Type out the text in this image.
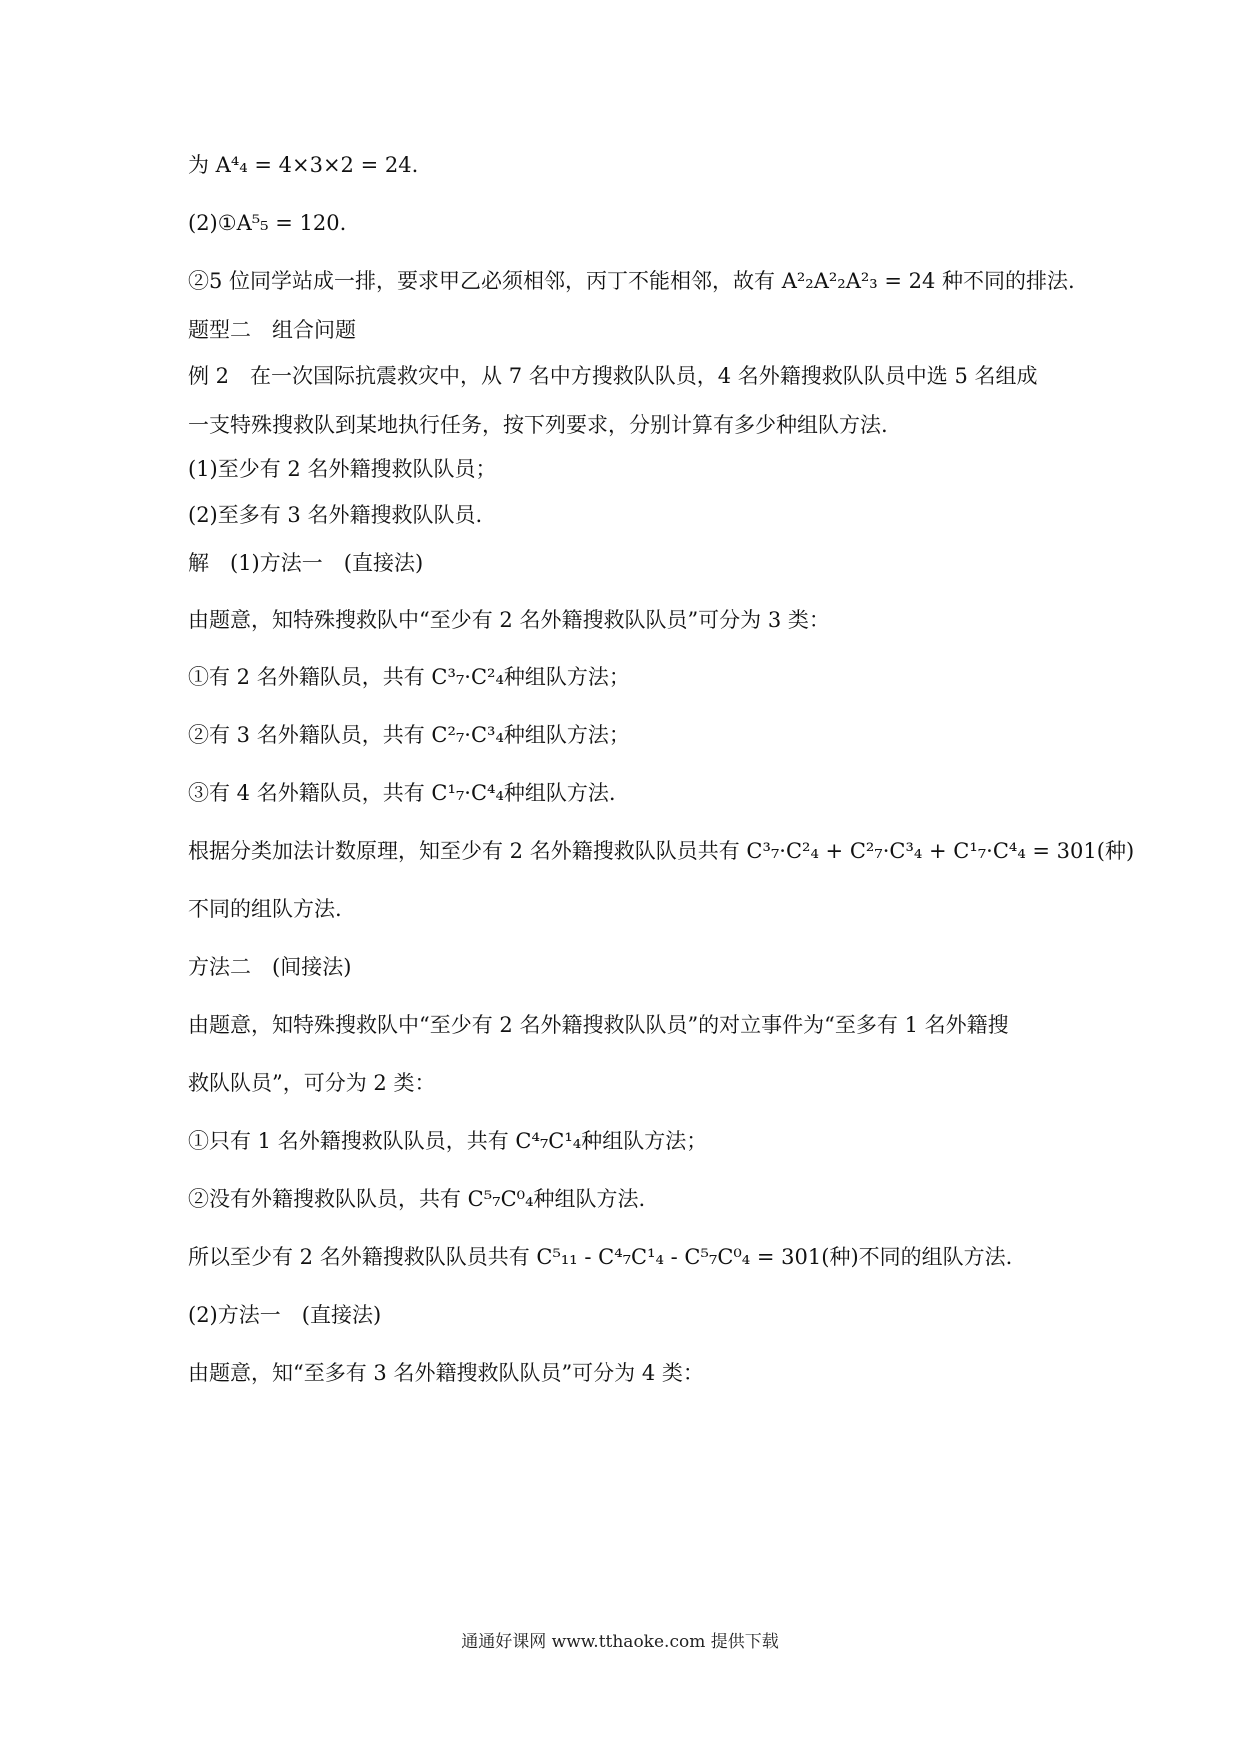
为 A⁴₄ = 4×3×2 = 24.
(2)①A⁵₅ = 120.
②5 位同学站成一排，要求甲乙必须相邻，丙丁不能相邻，故有 A²₂A²₂A²₃ = 24 种不同的排法.
题型二　组合问题
例 2　在一次国际抗震救灾中，从 7 名中方搜救队队员，4 名外籍搜救队队员中选 5 名组成
一支特殊搜救队到某地执行任务，按下列要求，分别计算有多少种组队方法.
(1)至少有 2 名外籍搜救队队员；
(2)至多有 3 名外籍搜救队队员.
解　(1)方法一　(直接法)
由题意，知特殊搜救队中“至少有 2 名外籍搜救队队员”可分为 3 类：
①有 2 名外籍队员，共有 C³₇·C²₄种组队方法；
②有 3 名外籍队员，共有 C²₇·C³₄种组队方法；
③有 4 名外籍队员，共有 C¹₇·C⁴₄种组队方法.
根据分类加法计数原理，知至少有 2 名外籍搜救队队员共有 C³₇·C²₄ + C²₇·C³₄ + C¹₇·C⁴₄ = 301(种)
不同的组队方法.
方法二　(间接法)
由题意，知特殊搜救队中“至少有 2 名外籍搜救队队员”的对立事件为“至多有 1 名外籍搜
救队队员”，可分为 2 类：
①只有 1 名外籍搜救队队员，共有 C⁴₇C¹₄种组队方法；
②没有外籍搜救队队员，共有 C⁵₇C⁰₄种组队方法.
所以至少有 2 名外籍搜救队队员共有 C⁵₁₁ - C⁴₇C¹₄ - C⁵₇C⁰₄ = 301(种)不同的组队方法.
(2)方法一　(直接法)
由题意，知“至多有 3 名外籍搜救队队员”可分为 4 类：
通通好课网 www.tthaoke.com 提供下载
